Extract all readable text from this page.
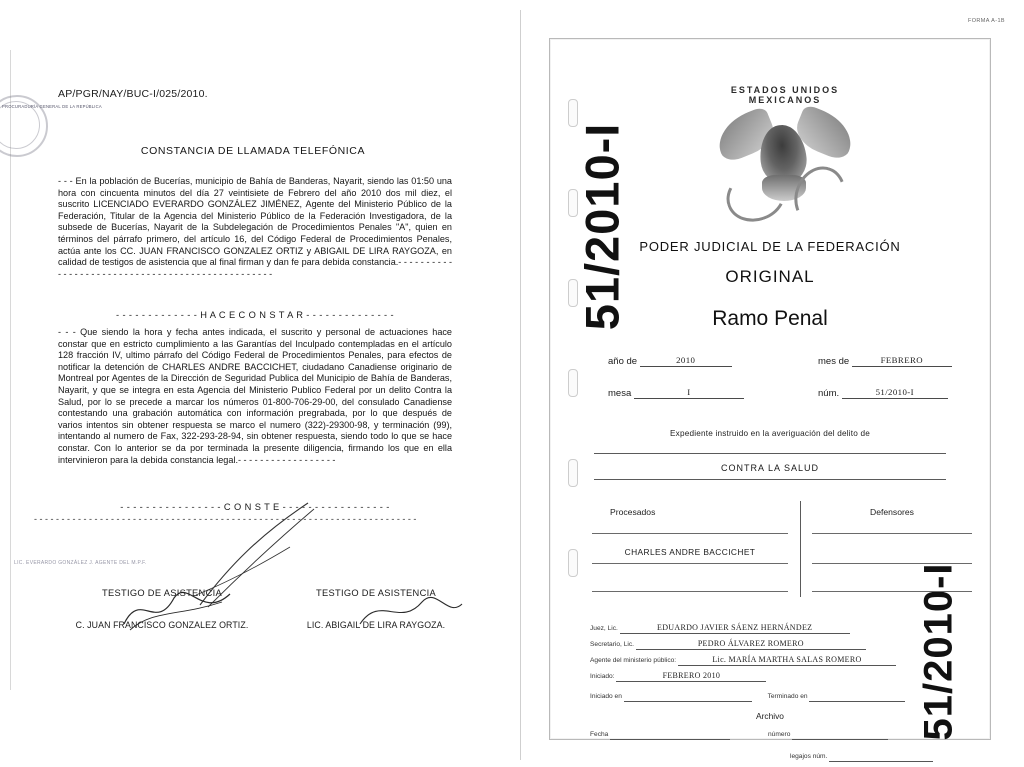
PROCURADURÍA GENERAL DE LA REPÚBLICA
LIC. EVERARDO GONZÁLEZ J. AGENTE DEL M.P.F.
AP/PGR/NAY/BUC-I/025/2010.
CONSTANCIA DE LLAMADA TELEFÓNICA
- - - En la población de Bucerías, municipio de Bahía de Banderas, Nayarit, siendo las 01:50 una hora con cincuenta minutos del día 27 veintisiete de Febrero del año 2010 dos mil diez, el suscrito LICENCIADO EVERARDO GONZÁLEZ JIMÉNEZ, Agente del Ministerio Público de la Federación, Titular de la Agencia del Ministerio Público de la Federación Investigadora, de la subsede de Bucerías, Nayarit de la Subdelegación de Procedimientos Penales "A", quien en términos del párrafo primero, del artículo 16, del Código Federal de Procedimientos Penales, actúa ante los CC. JUAN FRANCISCO GONZALEZ ORTIZ y ABIGAIL DE LIRA RAYGOZA, en calidad de testigos de asistencia que al final firman y dan fe para debida constancia.- - - - - - - - - - - - - - - - - - - - - - - - - - - - - - - - - - - - - - - - - - - - - - - - -
- - - - - - - - - - - - - H A C E C O N S T A R - - - - - - - - - - - - - -
- - - Que siendo la hora y fecha antes indicada, el suscrito y personal de actuaciones hace constar que en estricto cumplimiento a las Garantías del Inculpado contempladas en el artículo 128 fracción IV, ultimo párrafo del Código Federal de Procedimientos Penales, para efectos de notificar la detención de CHARLES ANDRE BACCICHET, ciudadano Canadiense originario de Montreal por Agentes de la Dirección de Seguridad Publica del Municipio de Bahía de Banderas, Nayarit, y que se integra en esta Agencia del Ministerio Publico Federal por un delito Contra la Salud, por lo se precede a marcar los números 01-800-706-29-00, del consulado Canadiense contestando una grabación automática con información pregrabada, por lo que después de varios intentos sin obtener respuesta se marco el numero (322)-29300-98, y terminación (99), intentando al numero de Fax, 322-293-28-94, sin obtener respuesta, siendo todo lo que se hace constar. Con lo anterior se da por terminada la presente diligencia, firmando los que en ella intervinieron para la debida constancia legal.- - - - - - - - - - - - - - - - - -
- - - - - - - - - - - - - - - - C O N S T E - - - - - - - - - - - - - - - - -
- - - - - - - - - - - - - - - - - - - - - - - - - - - - - - - - - - - - - - - - - - - - - - - - - - - - - - - - - - - - - - - - - - - - - -
TESTIGO DE ASISTENCIA
C. JUAN FRANCISCO GONZALEZ ORTIZ.
TESTIGO DE ASISTENCIA
LIC. ABIGAIL DE LIRA RAYGOZA.
FORMA A-1B
51/2010-I
51/2010-I
ESTADOS UNIDOS MEXICANOS
PODER JUDICIAL DE LA FEDERACIÓN
ORIGINAL
Ramo Penal
año de	2010	mes de	FEBRERO
mesa	I	núm.	51/2010-I
Expediente instruido en la averiguación del delito de
CONTRA LA SALUD
Procesados	Defensores
CHARLES ANDRE BACCICHET
Juez, Lic.	EDUARDO JAVIER SÁENZ HERNÁNDEZ
Secretario, Lic.	PEDRO ÁLVAREZ ROMERO
Agente del ministerio público:	Lic. MARÍA MARTHA SALAS ROMERO
Iniciado:	FEBRERO 2010
Iniciado en	Terminado en
Archivo
Fecha	número
legajos núm.
